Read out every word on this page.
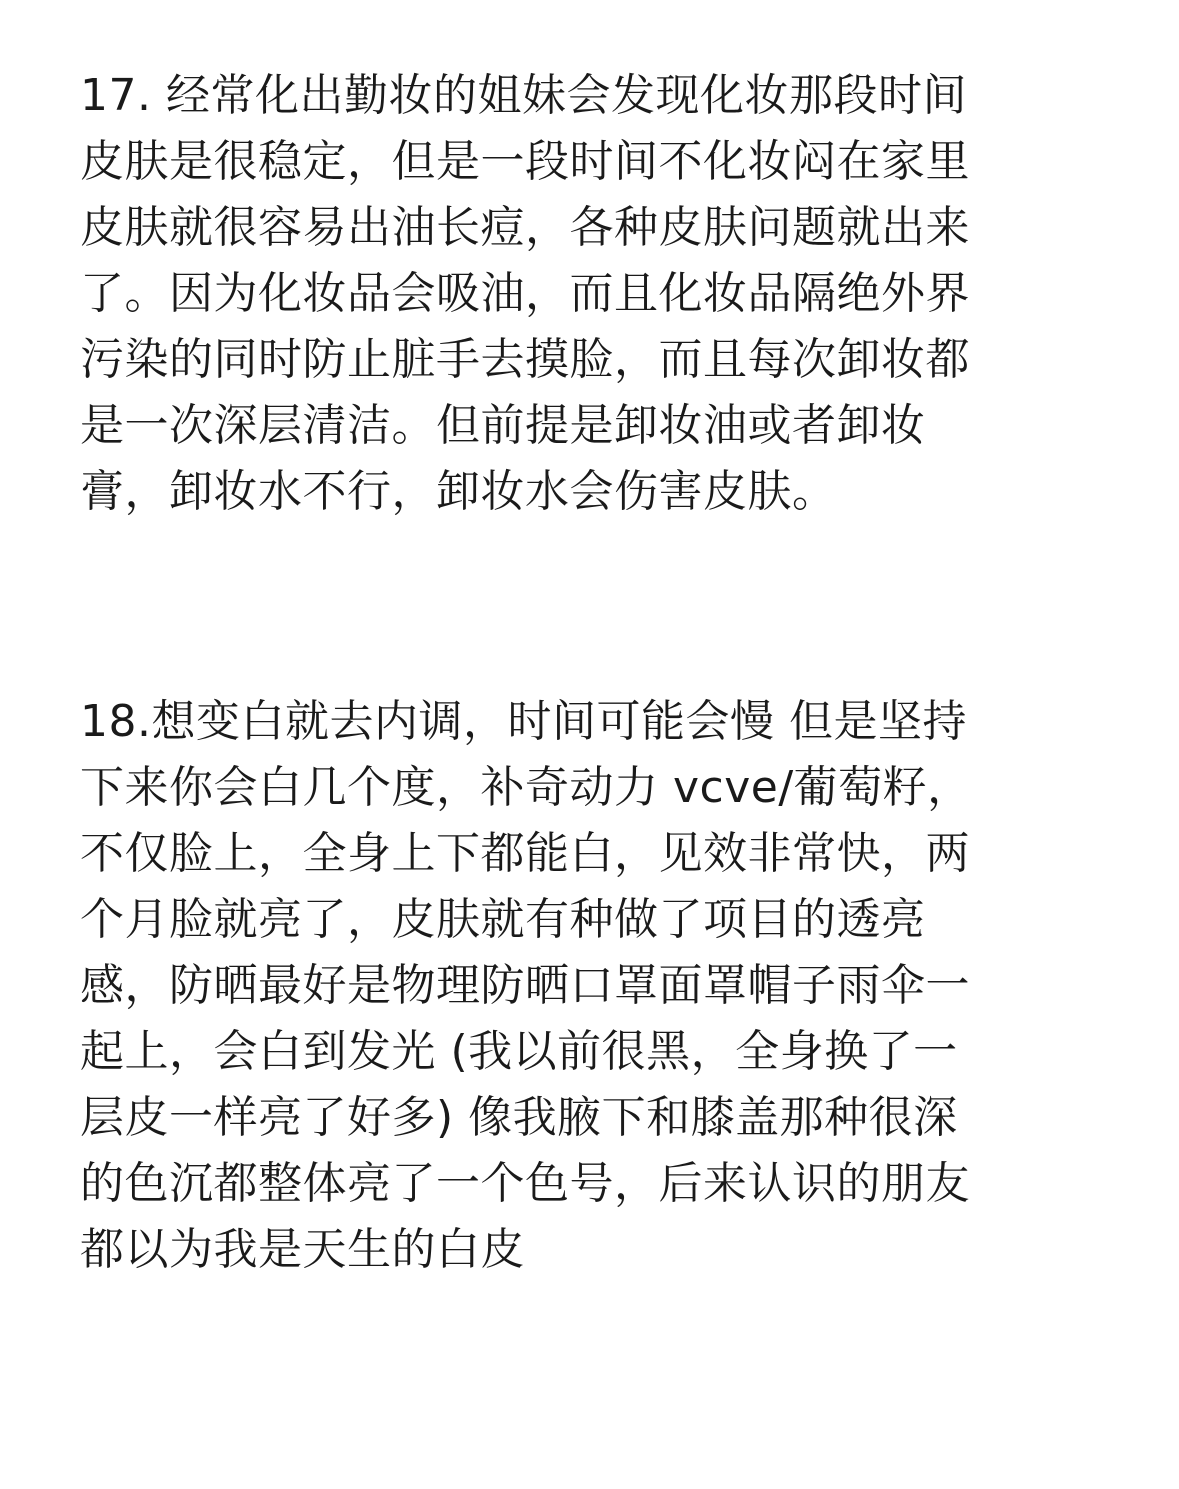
17. 经常化出勤妆的姐妹会发现化妆那段时间
皮肤是很稳定，但是一段时间不化妆闷在家里
皮肤就很容易出油长痘，各种皮肤问题就出来
了。因为化妆品会吸油，而且化妆品隔绝外界
污染的同时防止脏手去摸脸，而且每次卸妆都
是一次深层清洁。但前提是卸妆油或者卸妆
膏，卸妆水不行，卸妆水会伤害皮肤。
18.想变白就去内调，时间可能会慢 但是坚持
下来你会白几个度，补奇动力 vcve/葡萄籽，
不仅脸上，全身上下都能白，见效非常快，两
个月脸就亮了，皮肤就有种做了项目的透亮
感，防晒最好是物理防晒口罩面罩帽子雨伞一
起上，会白到发光 (我以前很黑，全身换了一
层皮一样亮了好多) 像我腋下和膝盖那种很深
的色沉都整体亮了一个色号，后来认识的朋友
都以为我是天生的白皮
